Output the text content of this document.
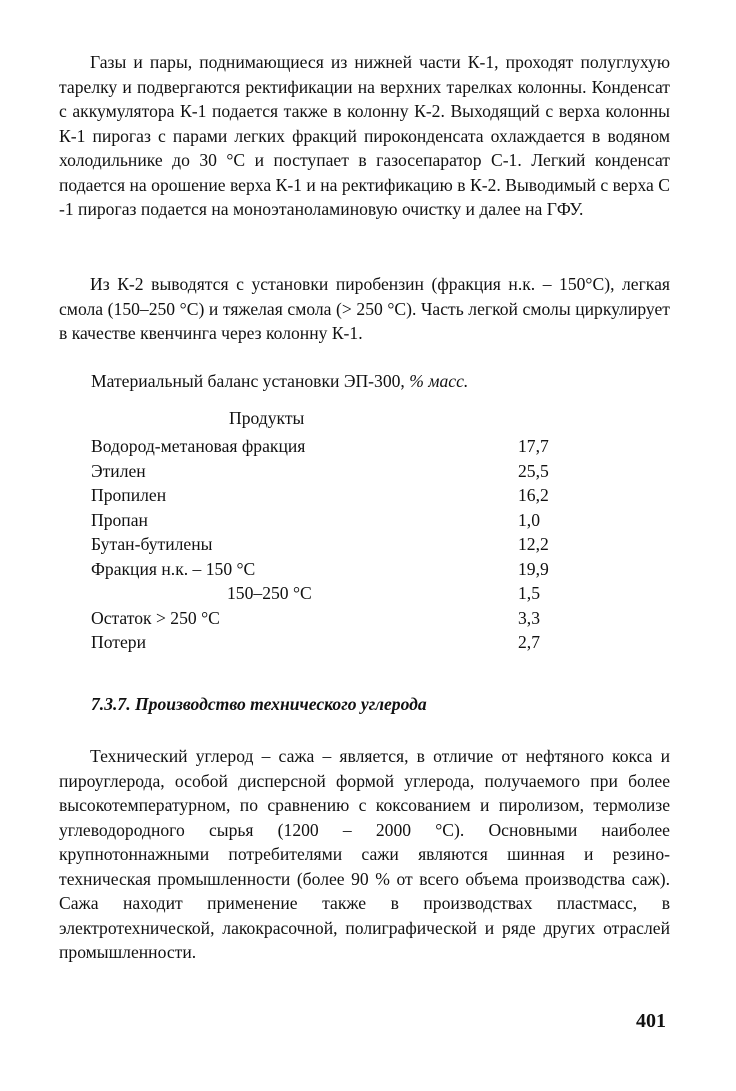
Газы и пары, поднимающиеся из нижней части К-1, проходят полуглухую тарелку и подвергаются ректификации на верхних тарелках колонны. Конденсат с аккумулятора К-1 подается также в колонну К-2. Выходящий с верха колонны К-1 пирогаз с парами легких фракций пироконденсата охлаждается в водяном холодильнике до 30 °С и поступает в газосепаратор С-1. Легкий конденсат подается на орошение верха К-1 и на ректификацию в К-2. Выводимый с верха С -1 пирогаз подается на моноэтаноламиновую очистку и далее на ГФУ.

Из К-2 выводятся с установки пиробензин (фракция н.к. – 150°С), легкая смола (150–250 °С) и тяжелая смола (> 250 °С). Часть легкой смолы циркулирует в качестве квенчинга через колонну К-1.

Материальный баланс установки ЭП-300, % масс.

Продукты
Водород-метановая фракция	17,7
Этилен	25,5
Пропилен	16,2
Пропан	1,0
Бутан-бутилены	12,2
Фракция н.к. – 150 °С	19,9
150–250 °С	1,5
Остаток > 250 °С	3,3
Потери	2,7

7.3.7. Производство технического углерода

Технический углерод – сажа – является, в отличие от нефтяного кокса и пироуглерода, особой дисперсной формой углерода, получаемого при более высокотемпературном, по сравнению с коксованием и пиролизом, термолизе углеводородного сырья (1200 – 2000 °С). Основными наиболее крупнотоннажными потребителями сажи являются шинная и резино-техническая промышленности (более 90 % от всего объема производства саж). Сажа находит применение также в производствах пластмасс, в электротехнической, лакокрасочной, полиграфической и ряде других отраслей промышленности.

401
